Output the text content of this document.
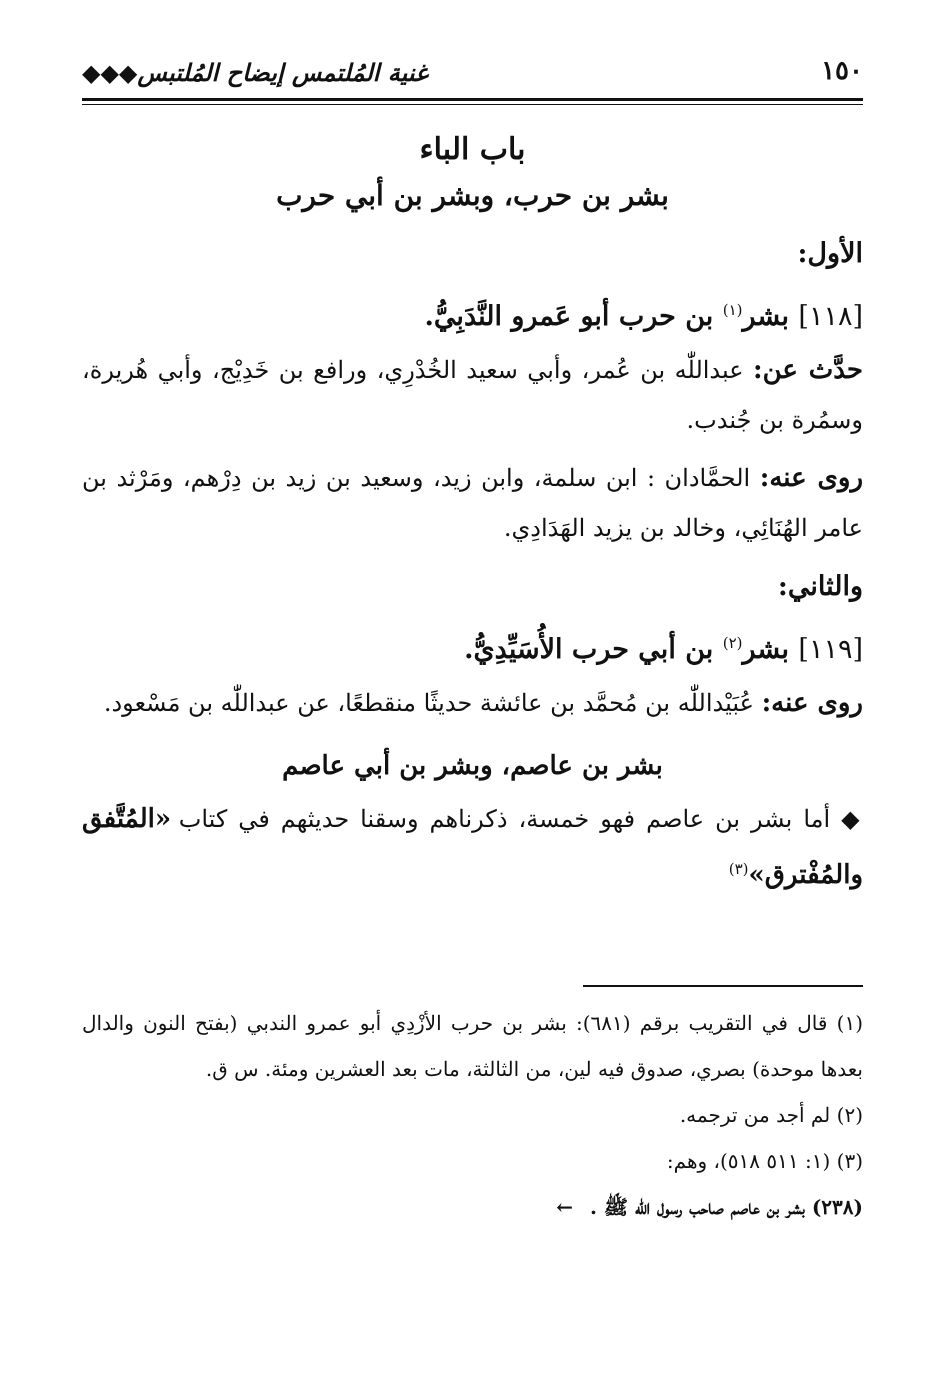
١٥٠
غنية المُلتمس إيضاح المُلتبس◆◆◆
باب الباء
بشر بن حرب، وبشر بن أبي حرب
الأول:
[١١٨] بشر$^{(١)}$ بن حرب أبو عَمرو النَّدَبِيُّ.

حدَّث عن: عبداللّٰه بن عُمر، وأبي سعيد الخُدْرِي، ورافع بن خَدِيْج، وأبي هُريرة، وسمُرة بن جُندب.

روى عنه: الحمَّادان : ابن سلمة، وابن زيد، وسعيد بن زيد بن دِرْهم، ومَرْثد بن عامر الهُنَائِي، وخالد بن يزيد الهَدَادِي.

والثاني:
[١١٩] بشر$^{(٢)}$ بن أبي حرب الأُسَيِّدِيُّ.

روى عنه: عُبَيْداللّٰه بن مُحمَّد بن عائشة حديثًا منقطعًا، عن عبداللّٰه بن مَسْعود.

بشر بن عاصم، وبشر بن أبي عاصم

◆ أما بشر بن عاصم فهو خمسة، ذكرناهم وسقنا حديثهم في كتاب «المُتَّفق والمُفْترق»$^{(٣)}$

(١) قال في التقريب برقم (٦٨١): بشر بن حرب الأزْدِي أبو عمرو الندبي (بفتح النون والدال بعدها موحدة) بصري، صدوق فيه لين، من الثالثة، مات بعد العشرين ومئة. س ق.

(٢) لم أجد من ترجمه.

(٣) (١: ٥١١ ٥١٨)، وهم:

(٢٣٨) بشر بن عاصم صاحب رسول اللّٰه ﷺ . ←
